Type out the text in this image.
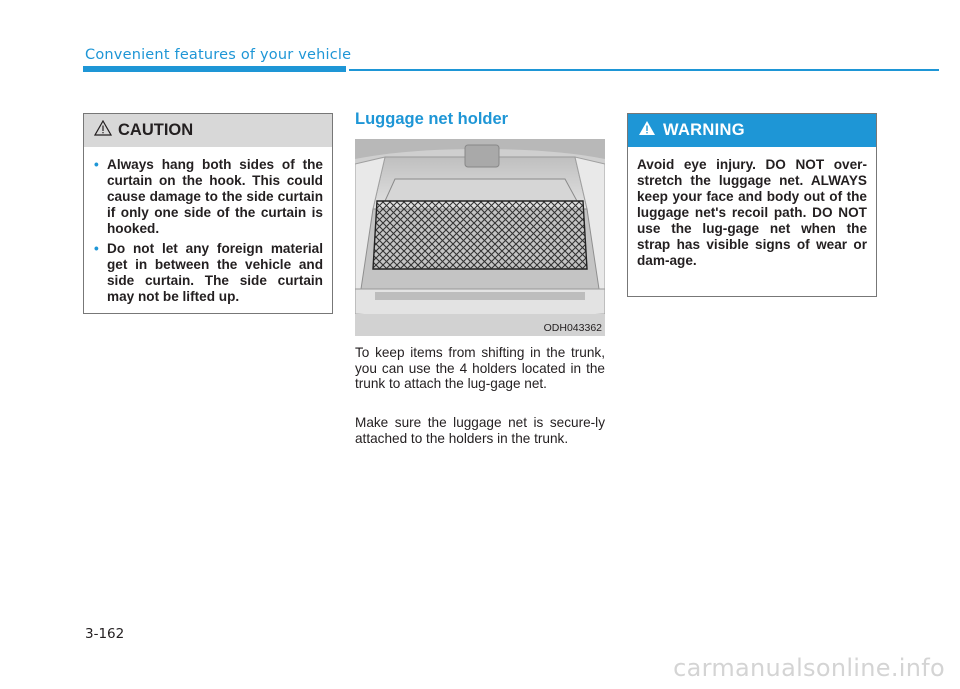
Convenient features of your vehicle
CAUTION
• Always hang both sides of the curtain on the hook. This could cause damage to the side curtain if only one side of the curtain is hooked.
• Do not let any foreign material get in between the vehicle and side curtain. The side curtain may not be lifted up.
Luggage net holder
ODH043362
To keep items from shifting in the trunk, you can use the 4 holders located in the trunk to attach the lug-gage net.
Make sure the luggage net is secure-ly attached to the holders in the trunk.
WARNING
Avoid eye injury. DO NOT over-stretch the luggage net. ALWAYS keep your face and body out of the luggage net's recoil path. DO NOT use the lug-gage net when the strap has visible signs of wear or dam-age.
3-162
carmanualsonline.info
